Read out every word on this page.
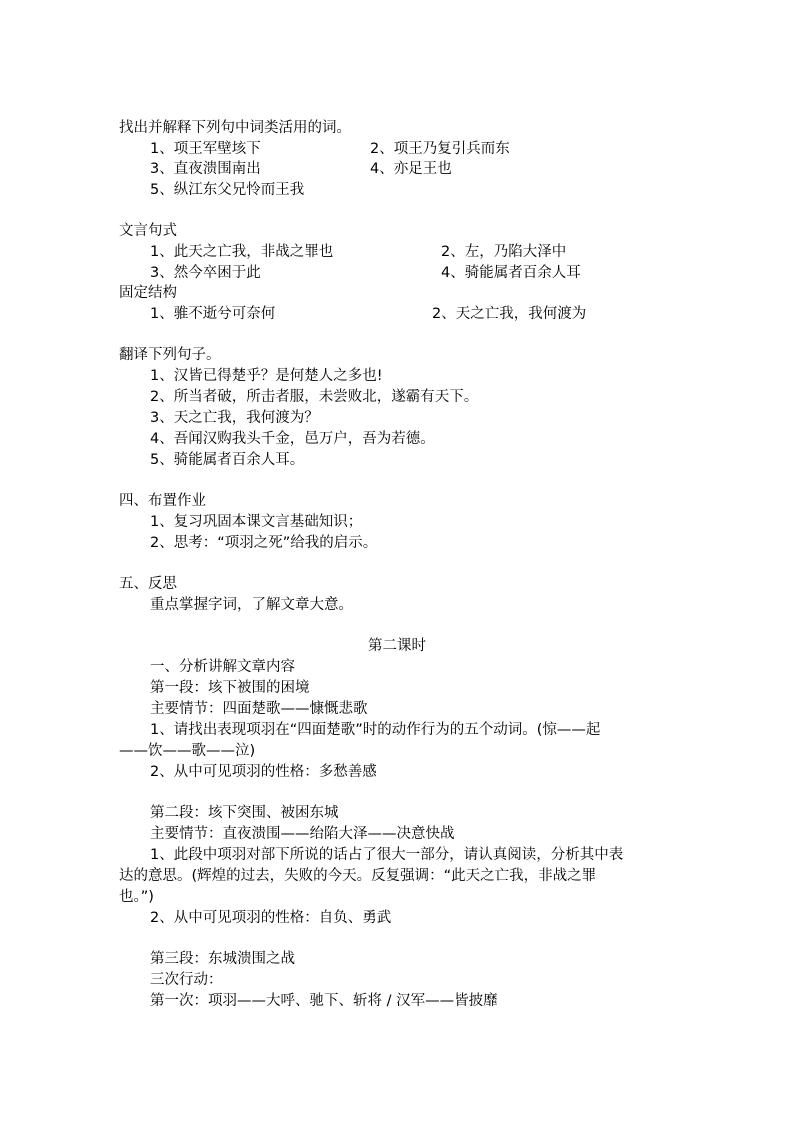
找出并解释下列句中词类活用的词。
1、项王军壁垓下	2、项王乃复引兵而东
3、直夜溃围南出	4、亦足王也
5、纵江东父兄怜而王我
文言句式
1、此天之亡我，非战之罪也	2、左，乃陷大泽中
3、然今卒困于此	4、骑能属者百余人耳
固定结构
1、骓不逝兮可奈何	2、天之亡我，我何渡为
翻译下列句子。
1、汉皆已得楚乎？是何楚人之多也!
2、所当者破，所击者服，未尝败北，遂霸有天下。
3、天之亡我，我何渡为？
4、吾闻汉购我头千金，邑万户，吾为若德。
5、骑能属者百余人耳。
四、布置作业
1、复习巩固本课文言基础知识；
2、思考：“项羽之死”给我的启示。
五、反思
重点掌握字词，了解文章大意。
第二课时
一、分析讲解文章内容
第一段：垓下被围的困境
主要情节：四面楚歌——慷慨悲歌
1、请找出表现项羽在“四面楚歌”时的动作行为的五个动词。(惊——起
——饮——歌——泣)
2、从中可见项羽的性格：多愁善感
第二段：垓下突围、被困东城
主要情节：直夜溃围——绐陷大泽——决意快战
1、此段中项羽对部下所说的话占了很大一部分，请认真阅读，分析其中表
达的意思。(辉煌的过去，失败的今天。反复强调：“此天之亡我，非战之罪
也。”)
2、从中可见项羽的性格：自负、勇武
第三段：东城溃围之战
三次行动：
第一次：项羽——大呼、驰下、斩将 / 汉军——皆披靡
